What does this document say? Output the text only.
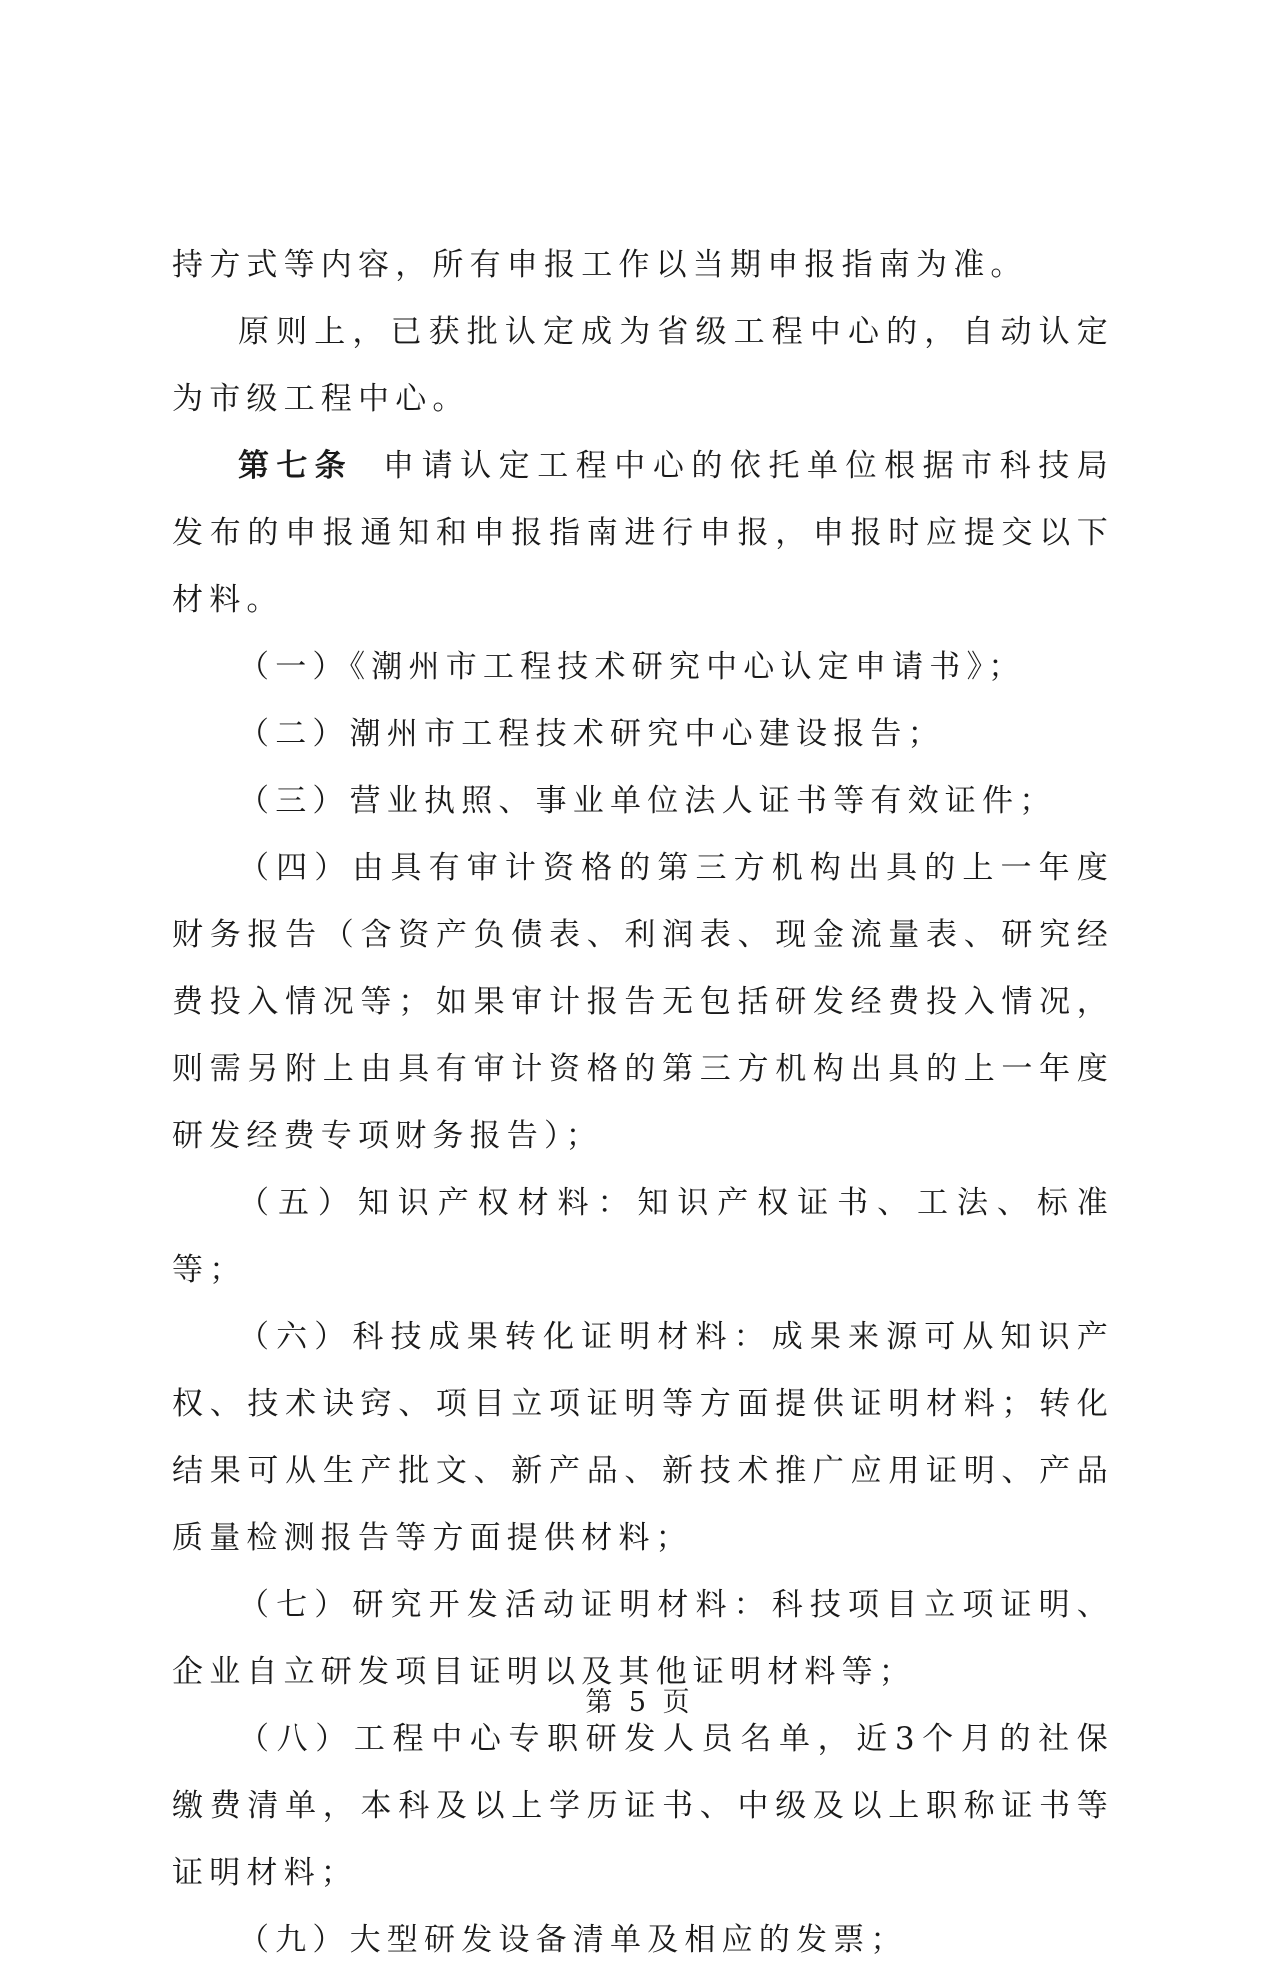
持方式等内容，所有申报工作以当期申报指南为准。

原则上，已获批认定成为省级工程中心的，自动认定为市级工程中心。

第七条 申请认定工程中心的依托单位根据市科技局发布的申报通知和申报指南进行申报，申报时应提交以下材料。

（一）《潮州市工程技术研究中心认定申请书》；

（二）潮州市工程技术研究中心建设报告；

（三）营业执照、事业单位法人证书等有效证件；

（四）由具有审计资格的第三方机构出具的上一年度财务报告（含资产负债表、利润表、现金流量表、研究经费投入情况等；如果审计报告无包括研发经费投入情况，则需另附上由具有审计资格的第三方机构出具的上一年度研发经费专项财务报告）；

（五）知识产权材料：知识产权证书、工法、标准等；

（六）科技成果转化证明材料：成果来源可从知识产权、技术诀窍、项目立项证明等方面提供证明材料；转化结果可从生产批文、新产品、新技术推广应用证明、产品质量检测报告等方面提供材料；

（七）研究开发活动证明材料：科技项目立项证明、企业自立研发项目证明以及其他证明材料等；

（八）工程中心专职研发人员名单，近3个月的社保缴费清单，本科及以上学历证书、中级及以上职称证书等证明材料；

（九）大型研发设备清单及相应的发票；

第 5 页
